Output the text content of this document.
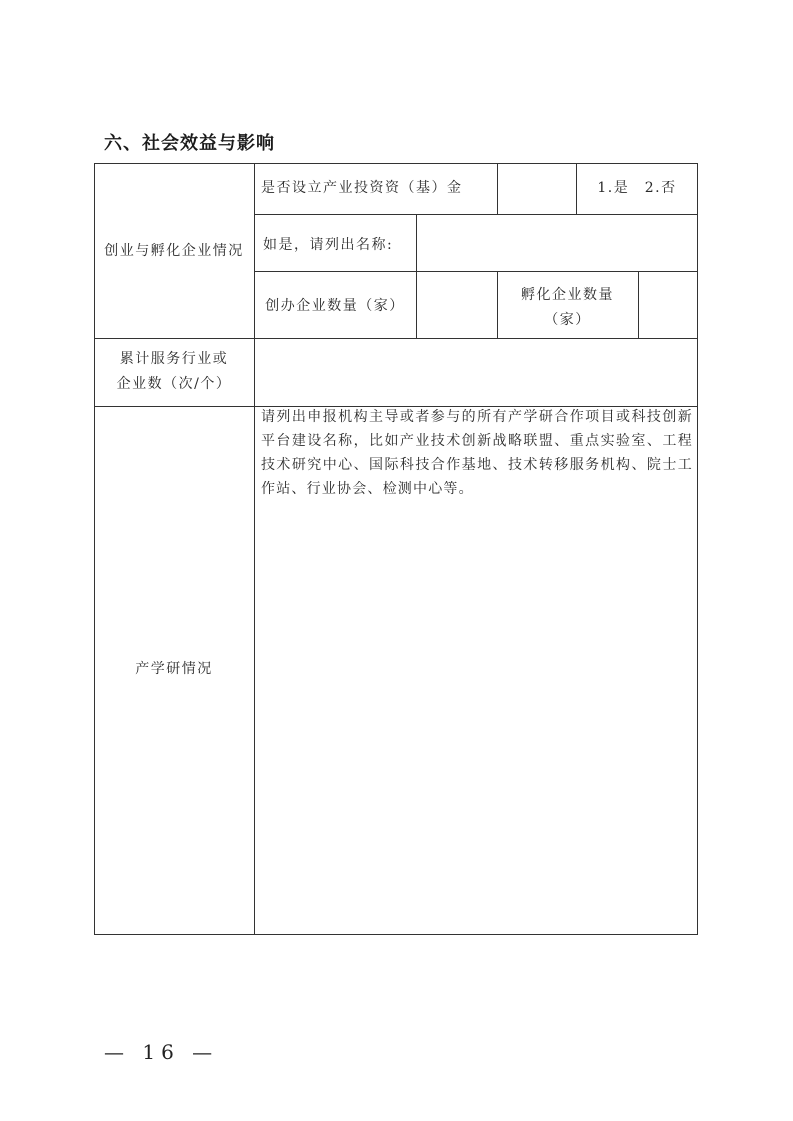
六、社会效益与影响
创业与孵化企业情况
是否设立产业投资资（基）金	1.是　2.否
如是，请列出名称:
创办企业数量（家）
孵化企业数量
（家）
累计服务行业或
企业数（次/个）
产学研情况
请列出申报机构主导或者参与的所有产学研合作项目或科技创新平台建设名称，比如产业技术创新战略联盟、重点实验室、工程技术研究中心、国际科技合作基地、技术转移服务机构、院士工作站、行业协会、检测中心等。
— 16 —
